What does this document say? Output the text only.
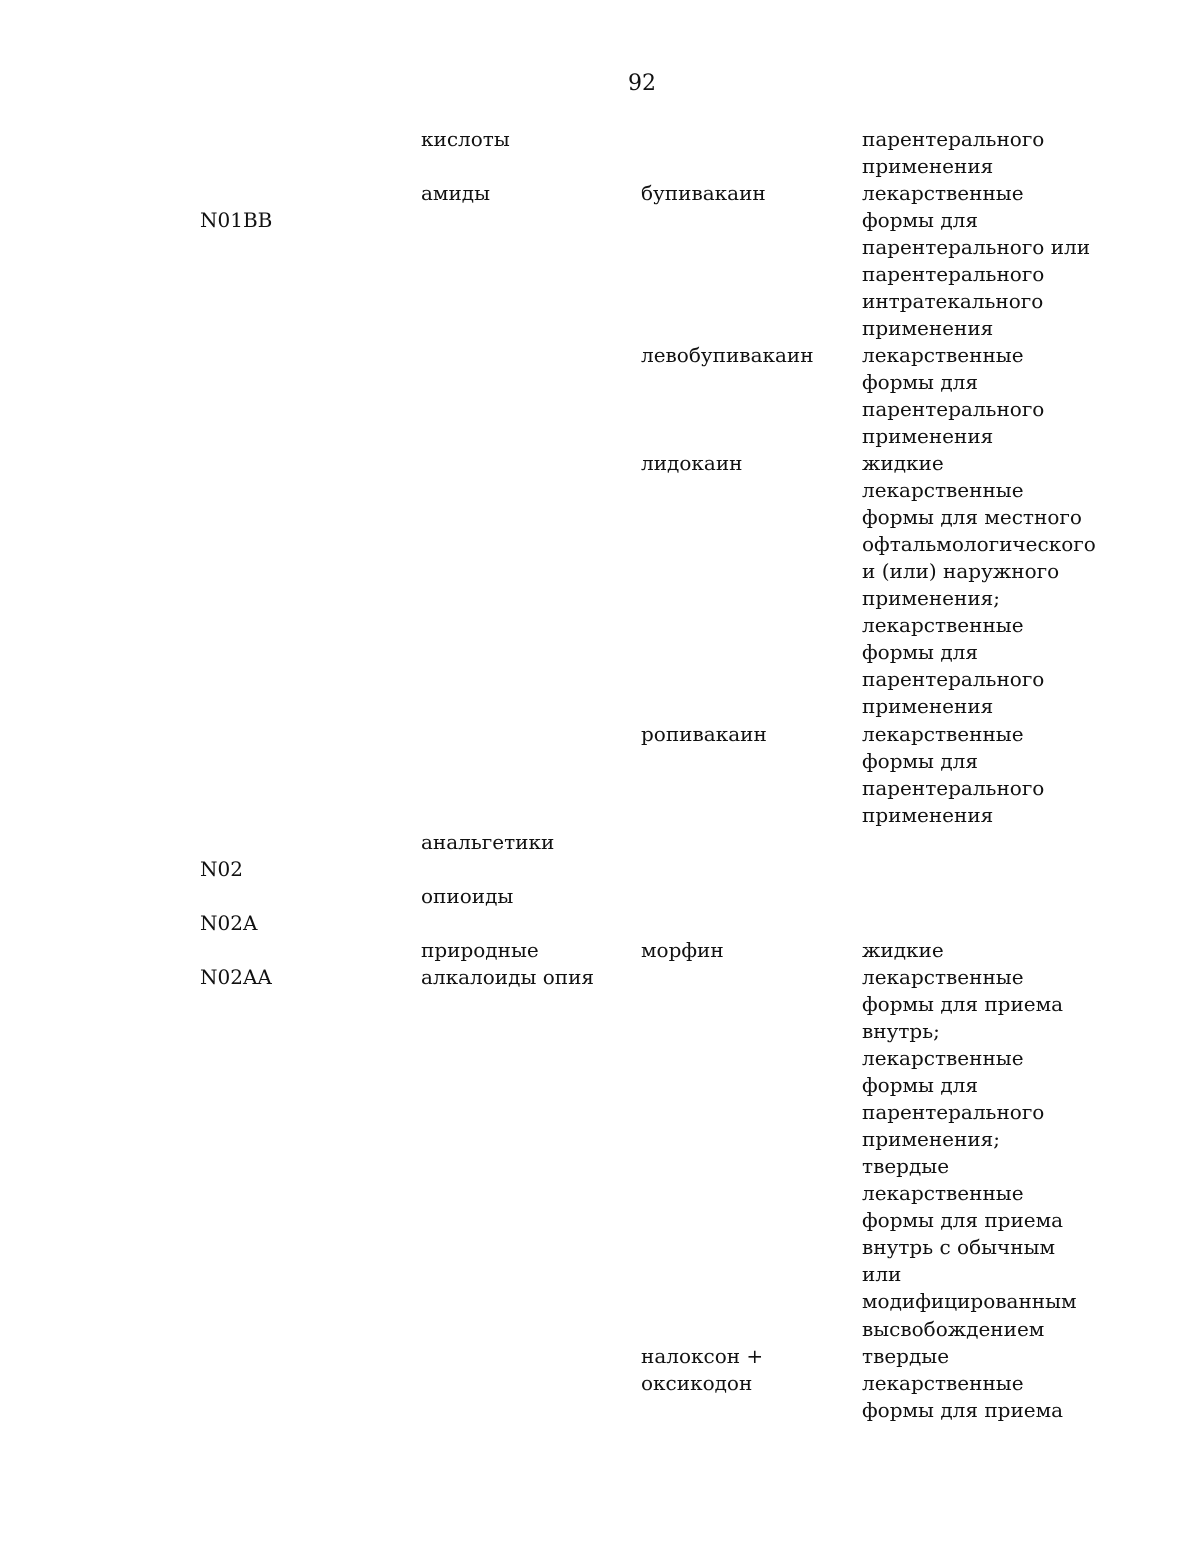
92
N01BB
N02
N02A
N02AA
кислоты
амиды
анальгетики
опиоиды
природные
алкалоиды опия
бупивакаин
левобупивакаин
лидокаин
ропивакаин
морфин
налоксон +
оксикодон
парентерального
применения
лекарственные
формы для
парентерального или
парентерального
интратекального
применения
лекарственные
формы для
парентерального
применения
жидкие
лекарственные
формы для местного
офтальмологического
и (или) наружного
применения;
лекарственные
формы для
парентерального
применения
лекарственные
формы для
парентерального
применения
жидкие
лекарственные
формы для приема
внутрь;
лекарственные
формы для
парентерального
применения;
твердые
лекарственные
формы для приема
внутрь с обычным
или
модифицированным
высвобождением
твердые
лекарственные
формы для приема
